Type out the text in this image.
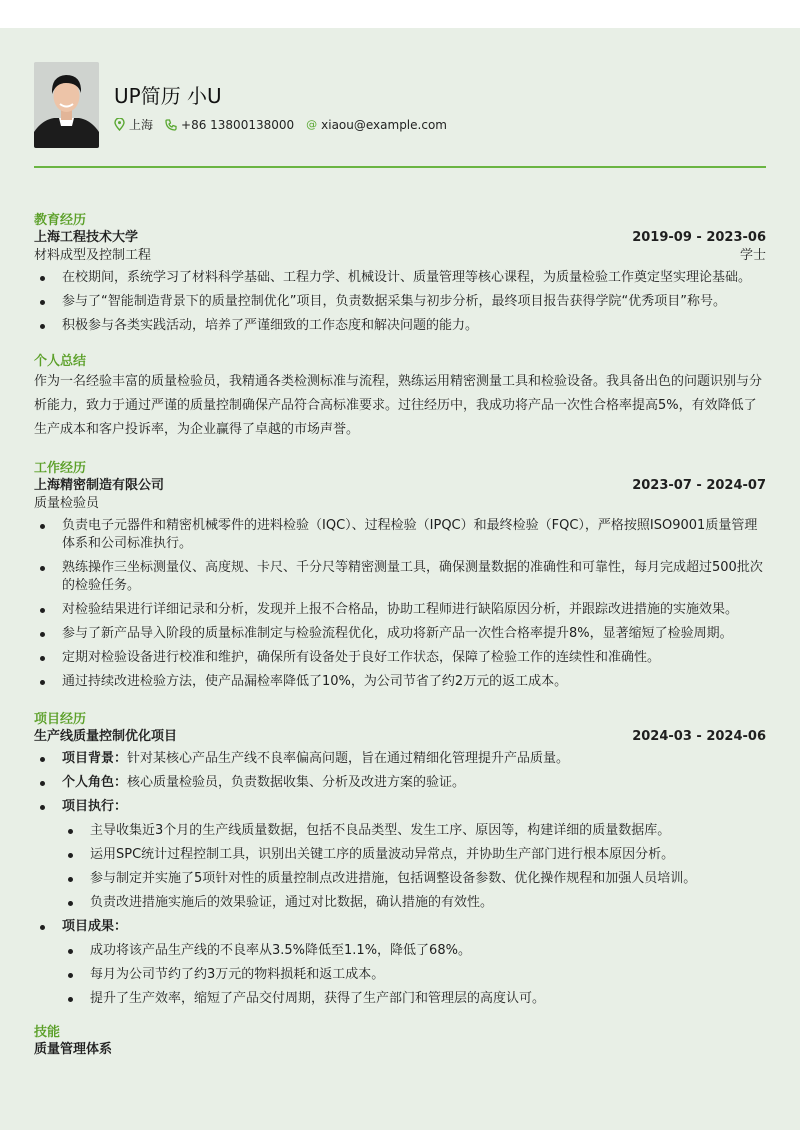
UP简历 小U
上海 +86 13800138000 @ xiaou@example.com
教育经历
上海工程技术大学	2019-09 - 2023-06
材料成型及控制工程	学士
在校期间，系统学习了材料科学基础、工程力学、机械设计、质量管理等核心课程，为质量检验工作奠定坚实理论基础。
参与了“智能制造背景下的质量控制优化”项目，负责数据采集与初步分析，最终项目报告获得学院“优秀项目”称号。
积极参与各类实践活动，培养了严谨细致的工作态度和解决问题的能力。
个人总结
作为一名经验丰富的质量检验员，我精通各类检测标准与流程，熟练运用精密测量工具和检验设备。我具备出色的问题识别与分析能力，致力于通过严谨的质量控制确保产品符合高标准要求。过往经历中，我成功将产品一次性合格率提高5%，有效降低了生产成本和客户投诉率，为企业赢得了卓越的市场声誉。
工作经历
上海精密制造有限公司	2023-07 - 2024-07
质量检验员
负责电子元器件和精密机械零件的进料检验（IQC）、过程检验（IPQC）和最终检验（FQC），严格按照ISO9001质量管理体系和公司标准执行。
熟练操作三坐标测量仪、高度规、卡尺、千分尺等精密测量工具，确保测量数据的准确性和可靠性，每月完成超过500批次的检验任务。
对检验结果进行详细记录和分析，发现并上报不合格品，协助工程师进行缺陷原因分析，并跟踪改进措施的实施效果。
参与了新产品导入阶段的质量标准制定与检验流程优化，成功将新产品一次性合格率提升8%，显著缩短了检验周期。
定期对检验设备进行校准和维护，确保所有设备处于良好工作状态，保障了检验工作的连续性和准确性。
通过持续改进检验方法，使产品漏检率降低了10%，为公司节省了约2万元的返工成本。
项目经历
生产线质量控制优化项目	2024-03 - 2024-06
项目背景：针对某核心产品生产线不良率偏高问题，旨在通过精细化管理提升产品质量。
个人角色：核心质量检验员，负责数据收集、分析及改进方案的验证。
项目执行：
主导收集近3个月的生产线质量数据，包括不良品类型、发生工序、原因等，构建详细的质量数据库。
运用SPC统计过程控制工具，识别出关键工序的质量波动异常点，并协助生产部门进行根本原因分析。
参与制定并实施了5项针对性的质量控制点改进措施，包括调整设备参数、优化操作规程和加强人员培训。
负责改进措施实施后的效果验证，通过对比数据，确认措施的有效性。
项目成果：
成功将该产品生产线的不良率从3.5%降低至1.1%，降低了68%。
每月为公司节约了约3万元的物料损耗和返工成本。
提升了生产效率，缩短了产品交付周期，获得了生产部门和管理层的高度认可。
技能
质量管理体系
